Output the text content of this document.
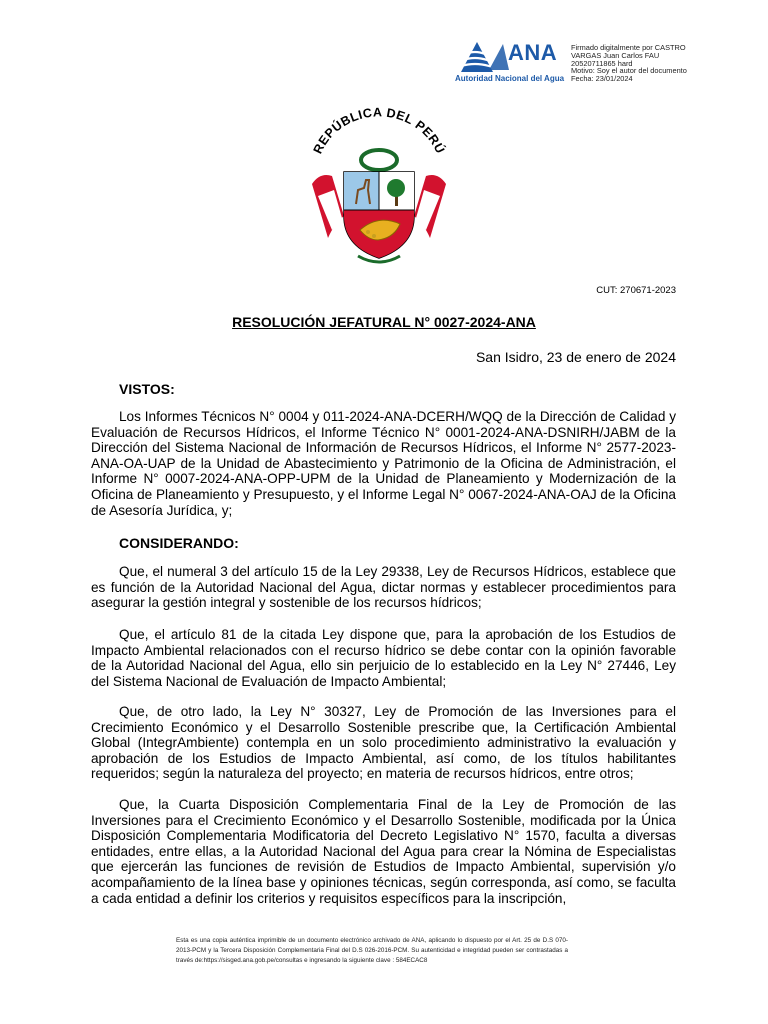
ANA
Autoridad Nacional del Agua
Firmado digitalmente por CASTRO
VARGAS Juan Carlos FAU
20520711865 hard
Motivo: Soy el autor del documento
Fecha: 23/01/2024
REPÚBLICA DEL PERÚ
CUT: 270671-2023
RESOLUCIÓN JEFATURAL N° 0027-2024-ANA
San Isidro, 23 de enero de 2024
VISTOS:

Los Informes Técnicos N° 0004 y 011-2024-ANA-DCERH/WQQ de la Dirección de Calidad y Evaluación de Recursos Hídricos, el Informe Técnico N° 0001-2024-ANA-DSNIRH/JABM de la Dirección del Sistema Nacional de Información de Recursos Hídricos, el Informe N° 2577-2023-ANA-OA-UAP de la Unidad de Abastecimiento y Patrimonio de la Oficina de Administración, el Informe N° 0007-2024-ANA-OPP-UPM de la Unidad de Planeamiento y Modernización de la Oficina de Planeamiento y Presupuesto, y el Informe Legal N° 0067-2024-ANA-OAJ de la Oficina de Asesoría Jurídica, y;

CONSIDERANDO:

Que, el numeral 3 del artículo 15 de la Ley 29338, Ley de Recursos Hídricos, establece que es función de la Autoridad Nacional del Agua, dictar normas y establecer procedimientos para asegurar la gestión integral y sostenible de los recursos hídricos;

Que, el artículo 81 de la citada Ley dispone que, para la aprobación de los Estudios de Impacto Ambiental relacionados con el recurso hídrico se debe contar con la opinión favorable de la Autoridad Nacional del Agua, ello sin perjuicio de lo establecido en la Ley N° 27446, Ley del Sistema Nacional de Evaluación de Impacto Ambiental;

Que, de otro lado, la Ley N° 30327, Ley de Promoción de las Inversiones para el Crecimiento Económico y el Desarrollo Sostenible prescribe que, la Certificación Ambiental Global (IntegrAmbiente) contempla en un solo procedimiento administrativo la evaluación y aprobación de los Estudios de Impacto Ambiental, así como, de los títulos habilitantes requeridos; según la naturaleza del proyecto; en materia de recursos hídricos, entre otros;

Que, la Cuarta Disposición Complementaria Final de la Ley de Promoción de las Inversiones para el Crecimiento Económico y el Desarrollo Sostenible, modificada por la Única Disposición Complementaria Modificatoria del Decreto Legislativo N° 1570, faculta a diversas entidades, entre ellas, a la Autoridad Nacional del Agua para crear la Nómina de Especialistas que ejercerán las funciones de revisión de Estudios de Impacto Ambiental, supervisión y/o acompañamiento de la línea base y opiniones técnicas, según corresponda, así como, se faculta a cada entidad a definir los criterios y requisitos específicos para la inscripción,

Esta es una copia auténtica imprimible de un documento electrónico archivado de ANA, aplicando lo dispuesto por el Art. 25 de D.S 070-2013-PCM y la Tercera Disposición Complementaria Final del D.S 026-2016-PCM. Su autenticidad e integridad pueden ser contrastadas a través de:https://sisged.ana.gob.pe/consultas e ingresando la siguiente clave : 584ECAC8
